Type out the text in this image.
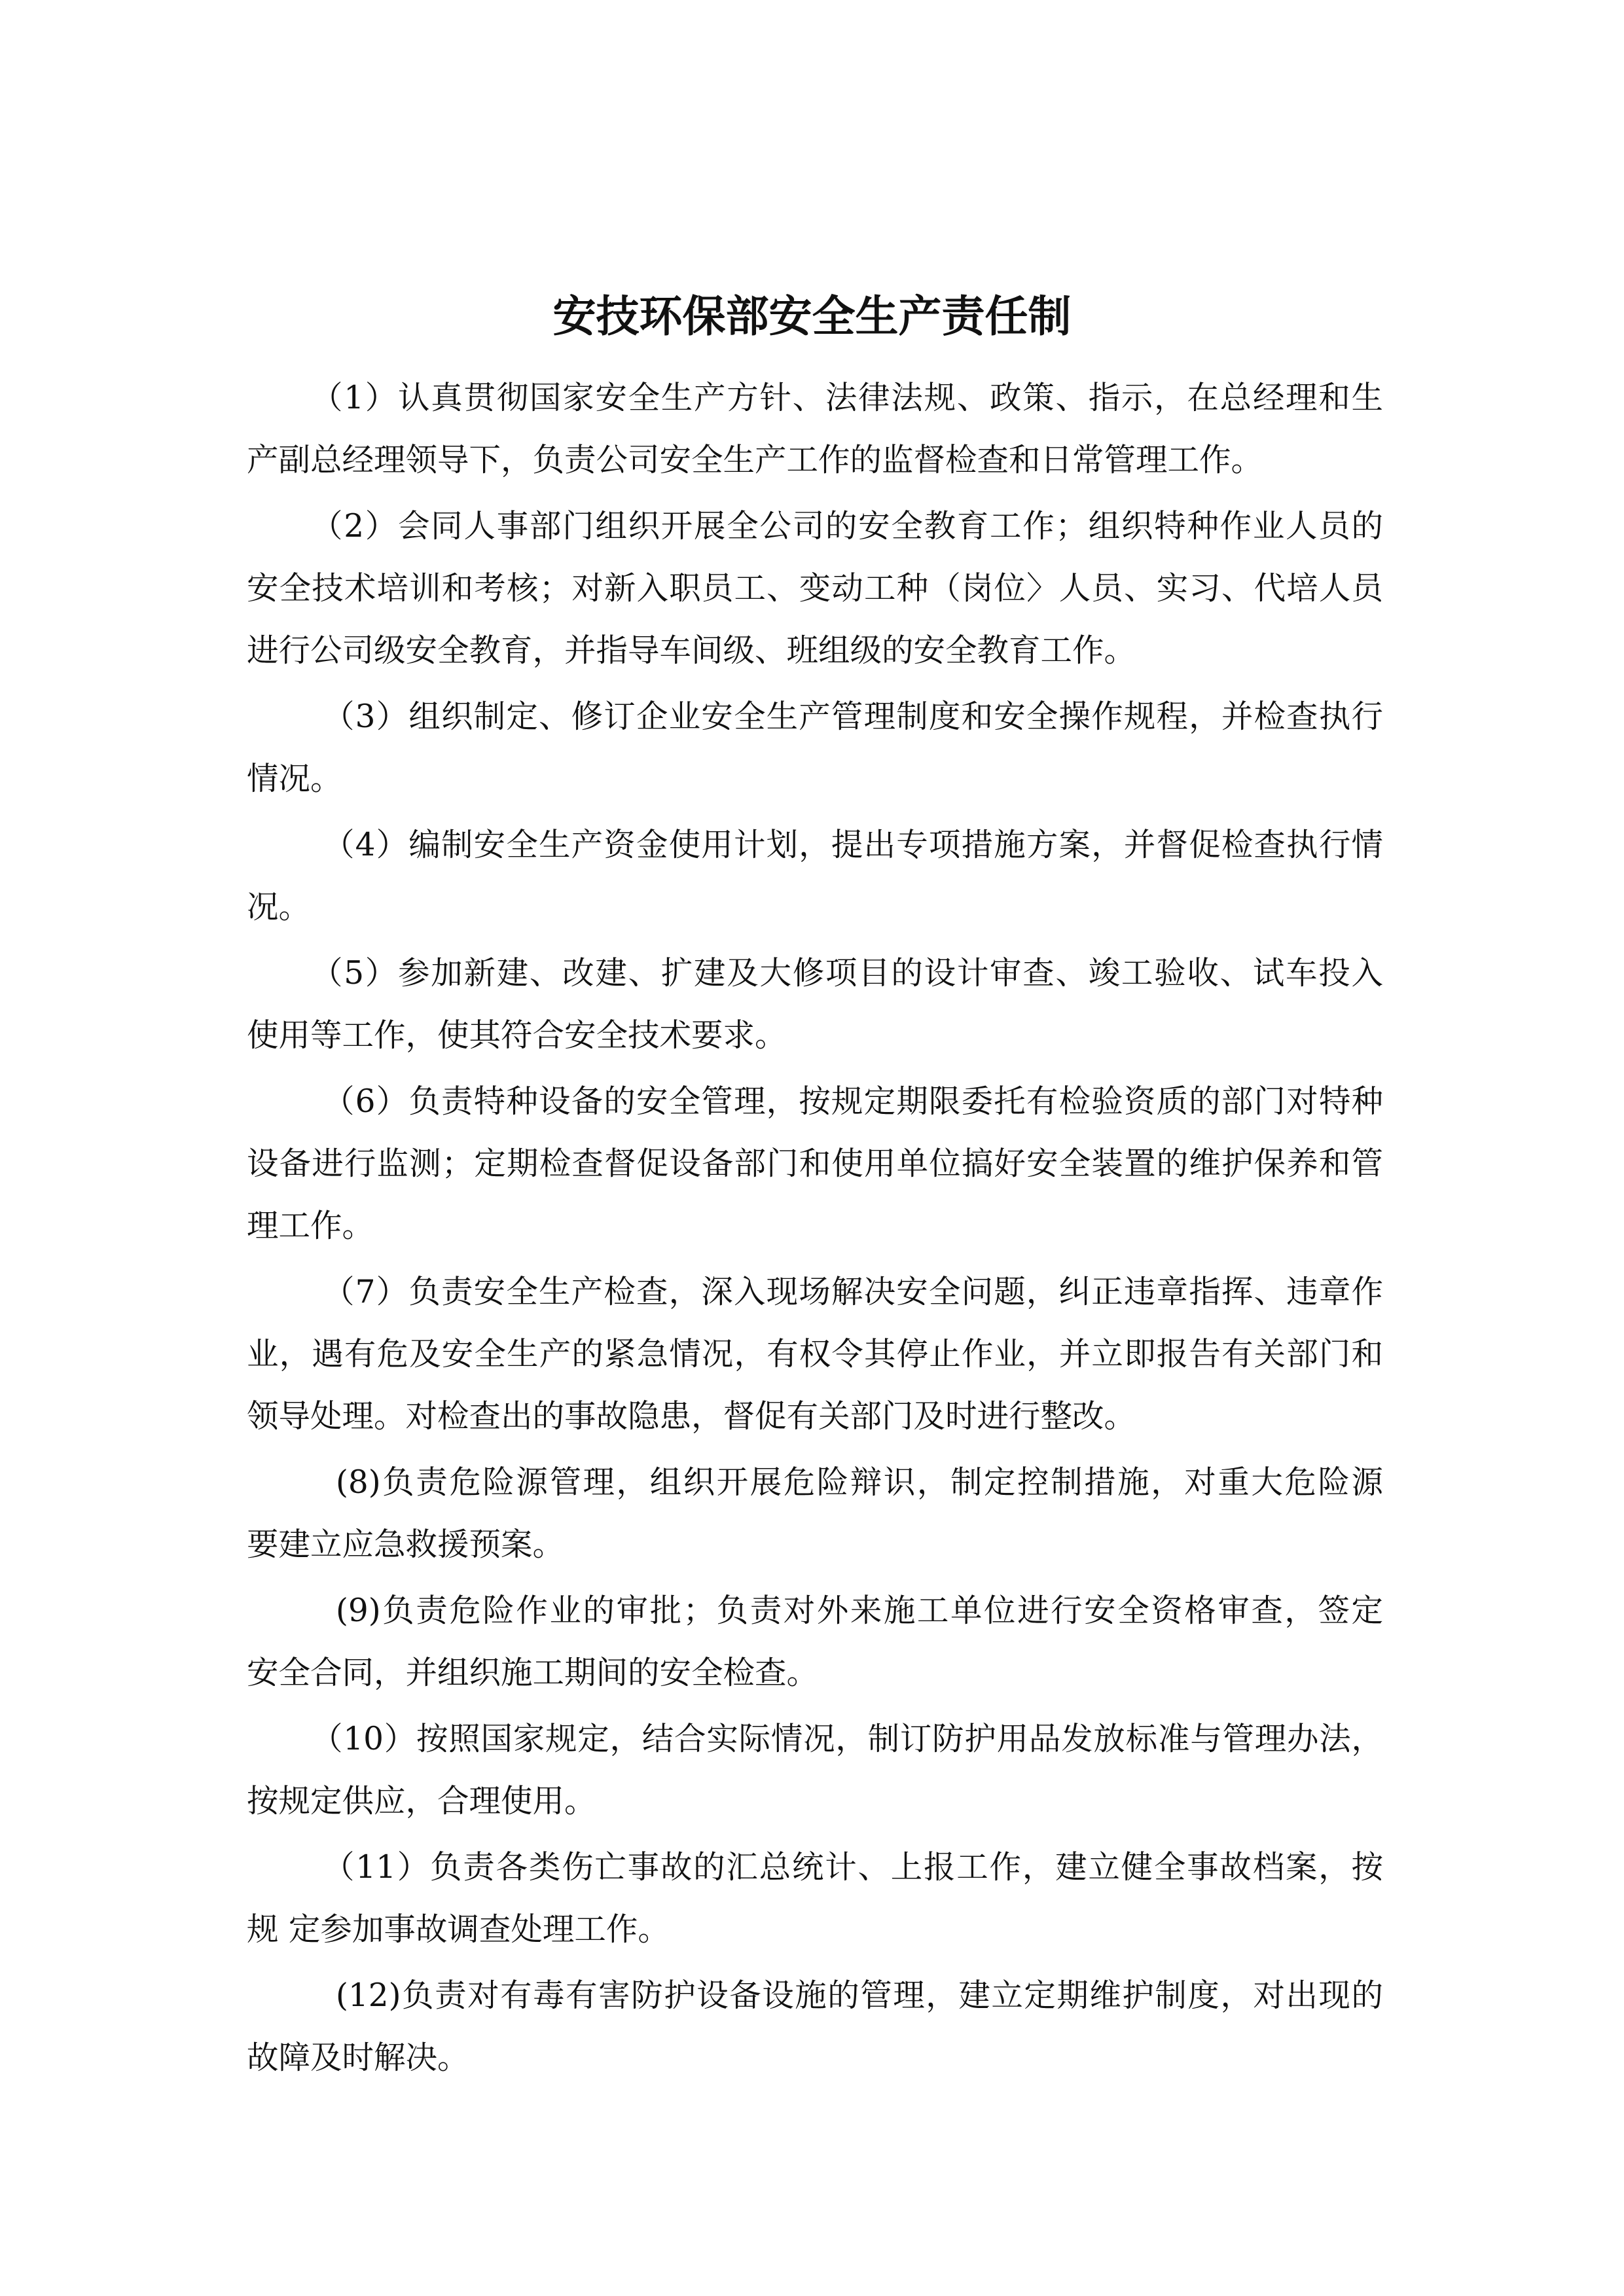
安技环保部安全生产责任制
（1）认真贯彻国家安全生产方针、法律法规、政策、指示，在总经理和生
产副总经理领导下，负责公司安全生产工作的监督检查和日常管理工作。
（2）会同人事部门组织开展全公司的安全教育工作；组织特种作业人员的
安全技术培训和考核；对新入职员工、变动工种（岗位〉人员、实习、代培人员
进行公司级安全教育，并指导车间级、班组级的安全教育工作。
（3）组织制定、修订企业安全生产管理制度和安全操作规程，并检查执行
情况。
（4）编制安全生产资金使用计划，提出专项措施方案，并督促检查执行情
况。
（5）参加新建、改建、扩建及大修项目的设计审查、竣工验收、试车投入
使用等工作，使其符合安全技术要求。
（6）负责特种设备的安全管理，按规定期限委托有检验资质的部门对特种
设备进行监测；定期检查督促设备部门和使用单位搞好安全装置的维护保养和管
理工作。
（7）负责安全生产检查，深入现场解决安全问题，纠正违章指挥、违章作
业，遇有危及安全生产的紧急情况，有权令其停止作业，并立即报告有关部门和
领导处理。对检查出的事故隐患，督促有关部门及时进行整改。
(8)负责危险源管理，组织开展危险辩识，制定控制措施，对重大危险源
要建立应急救援预案。
(9)负责危险作业的审批；负责对外来施工单位进行安全资格审查，签定
安全合同，并组织施工期间的安全检查。
（10）按照国家规定，结合实际情况，制订防护用品发放标准与管理办法，
按规定供应，合理使用。
（11）负责各类伤亡事故的汇总统计、上报工作，建立健全事故档案，按
规 定参加事故调查处理工作。
(12)负责对有毒有害防护设备设施的管理，建立定期维护制度，对出现的
故障及时解决。
